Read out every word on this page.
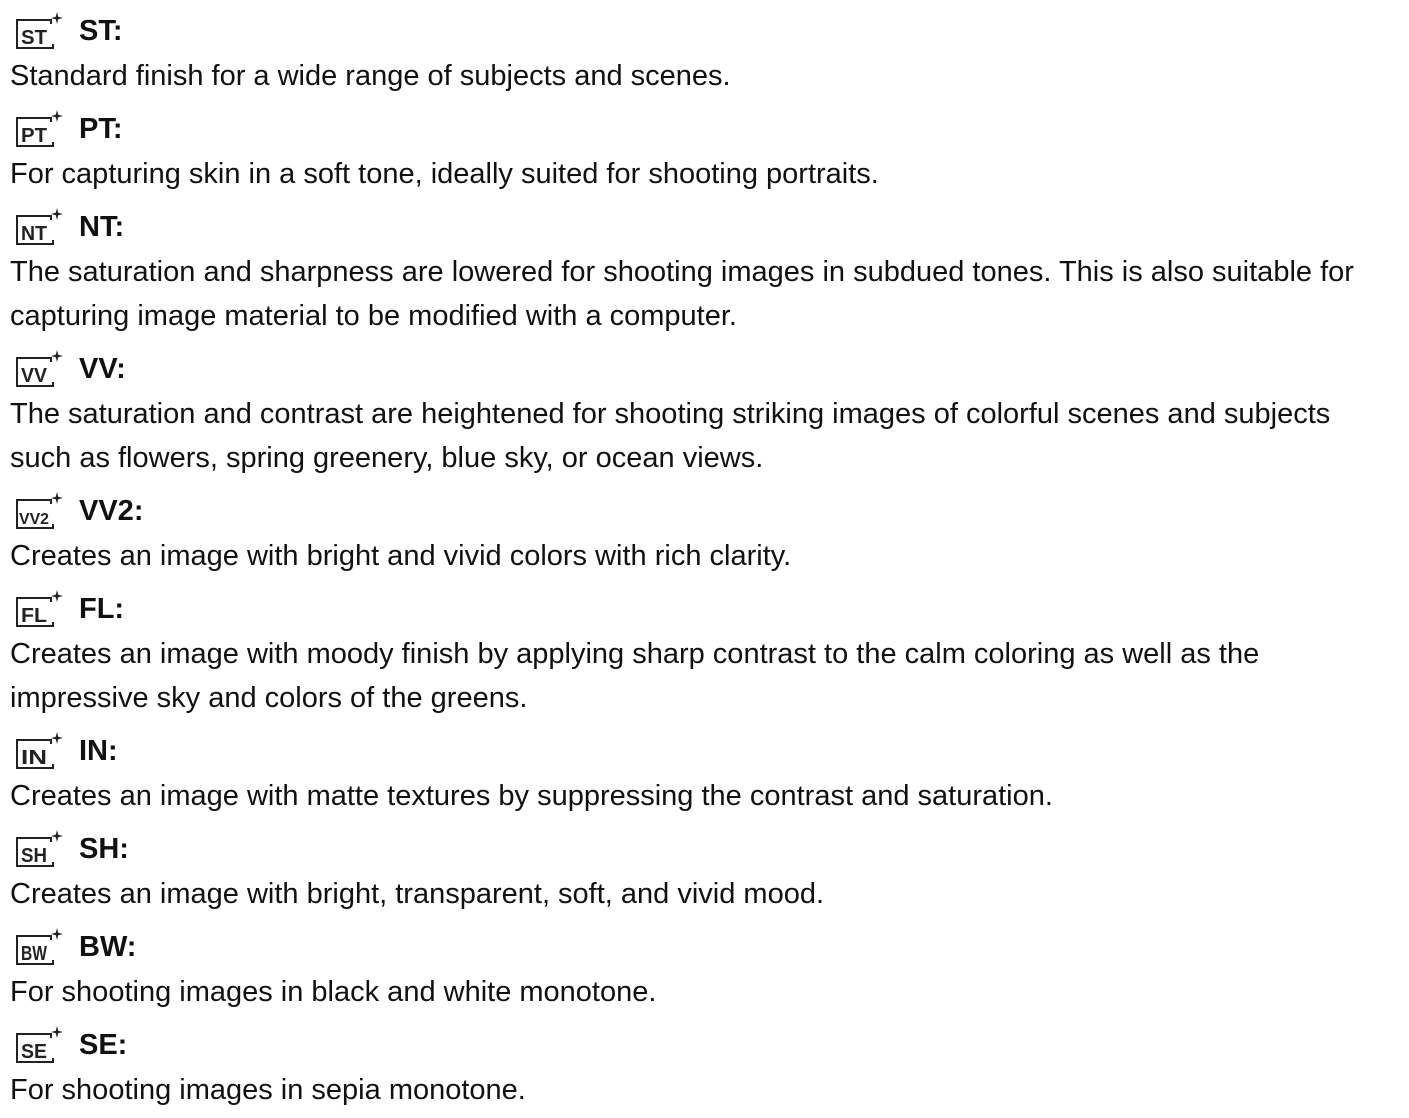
ST ST:

Standard finish for a wide range of subjects and scenes.

PT PT:

For capturing skin in a soft tone, ideally suited for shooting portraits.

NT NT:

The saturation and sharpness are lowered for shooting images in subdued tones. This is also suitable for capturing image material to be modified with a computer.

VV VV:

The saturation and contrast are heightened for shooting striking images of colorful scenes and subjects such as flowers, spring greenery, blue sky, or ocean views.

VV2 VV2:

Creates an image with bright and vivid colors with rich clarity.

FL FL:

Creates an image with moody finish by applying sharp contrast to the calm coloring as well as the impressive sky and colors of the greens.

IN IN:

Creates an image with matte textures by suppressing the contrast and saturation.

SH SH:

Creates an image with bright, transparent, soft, and vivid mood.

BW BW:

For shooting images in black and white monotone.

SE SE:

For shooting images in sepia monotone.
